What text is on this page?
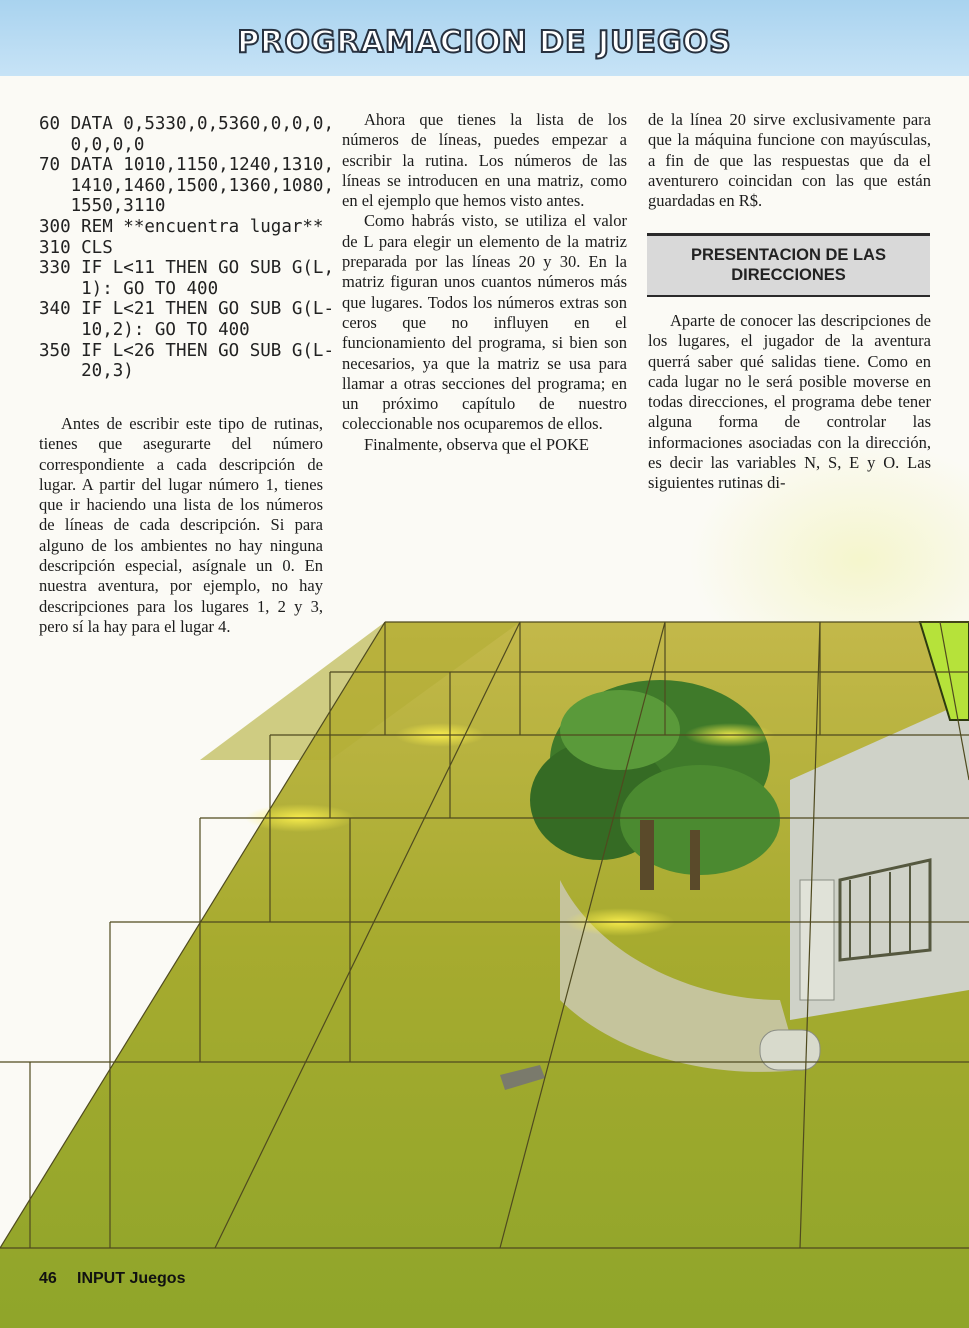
PROGRAMACION DE JUEGOS
60 DATA 0,5330,0,5360,0,0,0,
0,0,0,0
70 DATA 1010,1150,1240,1310,
1410,1460,1500,1360,1080,
1550,3110
300 REM **encuentra lugar**
310 CLS
330 IF L<11 THEN GO SUB G(L,
1): GO TO 400
340 IF L<21 THEN GO SUB G(L-
10,2): GO TO 400
350 IF L<26 THEN GO SUB G(L-
20,3)

Antes de escribir este tipo de rutinas, tienes que asegurarte del número correspondiente a cada descripción de lugar. A partir del lugar número 1, tienes que ir haciendo una lista de los números de líneas de cada descripción. Si para alguno de los ambientes no hay ninguna descripción especial, asígnale un 0. En nuestra aventura, por ejemplo, no hay descripciones para los lugares 1, 2 y 3, pero sí la hay para el lugar 4.

Ahora que tienes la lista de los números de líneas, puedes empezar a escribir la rutina. Los números de las líneas se introducen en una matriz, como en el ejemplo que hemos visto antes.

Como habrás visto, se utiliza el valor de L para elegir un elemento de la matriz preparada por las líneas 20 y 30. En la matriz figuran unos cuantos números más que lugares. Todos los números extras son ceros que no influyen en el funcionamiento del programa, si bien son necesarios, ya que la matriz se usa para llamar a otras secciones del programa; en un próximo capítulo de nuestro coleccionable nos ocuparemos de ellos.

Finalmente, observa que el POKE

de la línea 20 sirve exclusivamente para que la máquina funcione con mayúsculas, a fin de que las respuestas que da el aventurero coincidan con las que están guardadas en R$.

PRESENTACION DE LAS DIRECCIONES

Aparte de conocer las descripciones de los lugares, el jugador de la aventura querrá saber qué salidas tiene. Como en cada lugar no le será posible moverse en todas direcciones, el programa debe tener alguna forma de controlar las informaciones asociadas con la dirección, es decir las variables N, S, E y O. Las siguientes rutinas di-

46 INPUT Juegos
